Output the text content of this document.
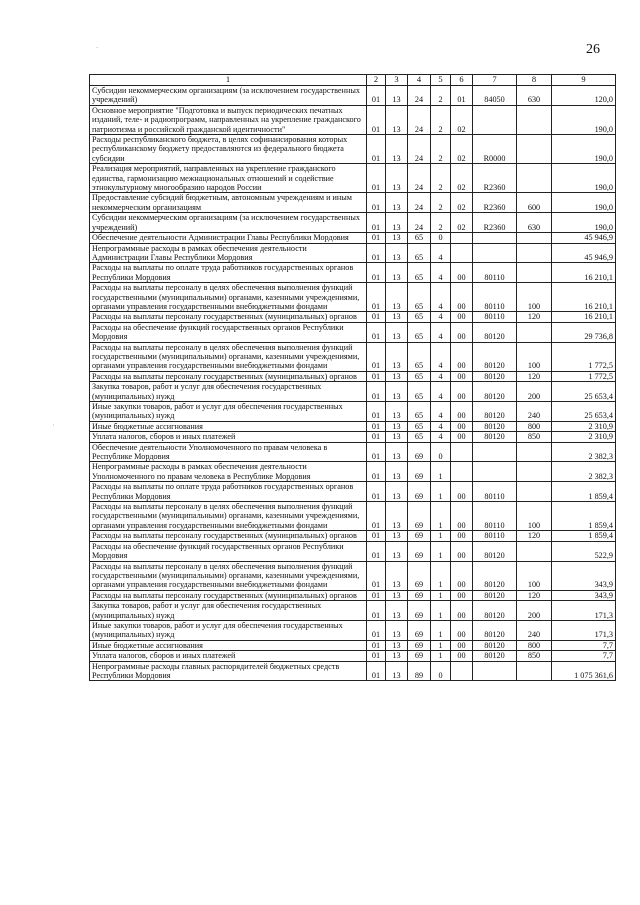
26
.
·
1	2	3	4	5	6	7	8	9
Субсидии некоммерческим организациям (за исключением государственных учреждений)	01	13	24	2	01	84050	630	120,0
Основное мероприятие "Подготовка и выпуск периодических печатных изданий, теле- и радиопрограмм, направленных на укрепление гражданского патриотизма и российской гражданской идентичности"	01	13	24	2	02			190,0
Расходы республиканского бюджета, в целях софинансирования которых республиканскому бюджету предоставляются из федерального бюджета субсидии	01	13	24	2	02	R0000		190,0
Реализация мероприятий, направленных на укрепление гражданского единства, гармонизацию межнациональных отношений и содействие этнокультурному многообразию народов России	01	13	24	2	02	R2360		190,0
Предоставление субсидий бюджетным, автономным учреждениям и иным некоммерческим организациям	01	13	24	2	02	R2360	600	190,0
Субсидии некоммерческим организациям (за исключением государственных учреждений)	01	13	24	2	02	R2360	630	190,0
Обеспечение деятельности Администрации Главы Республики Мордовия	01	13	65	0				45 946,9
Непрограммные расходы в рамках обеспечения деятельности Администрации Главы Республики Мордовия	01	13	65	4				45 946,9
Расходы на выплаты по оплате труда работников государственных органов Республики Мордовия	01	13	65	4	00	80110		16 210,1
Расходы на выплаты персоналу в целях обеспечения выполнения функций государственными (муниципальными) органами, казенными учреждениями, органами управления государственными внебюджетными фондами	01	13	65	4	00	80110	100	16 210,1
Расходы на выплаты персоналу государственных (муниципальных) органов	01	13	65	4	00	80110	120	16 210,1
Расходы на обеспечение функций государственных органов Республики Мордовия	01	13	65	4	00	80120		29 736,8
Расходы на выплаты персоналу в целях обеспечения выполнения функций государственными (муниципальными) органами, казенными учреждениями, органами управления государственными внебюджетными фондами	01	13	65	4	00	80120	100	1 772,5
Расходы на выплаты персоналу государственных (муниципальных) органов	01	13	65	4	00	80120	120	1 772,5
Закупка товаров, работ и услуг для обеспечения государственных (муниципальных) нужд	01	13	65	4	00	80120	200	25 653,4
Иные закупки товаров, работ и услуг для обеспечения государственных (муниципальных) нужд	01	13	65	4	00	80120	240	25 653,4
Иные бюджетные ассигнования	01	13	65	4	00	80120	800	2 310,9
Уплата налогов, сборов и иных платежей	01	13	65	4	00	80120	850	2 310,9
Обеспечение деятельности Уполномоченного по правам человека в Республике Мордовия	01	13	69	0				2 382,3
Непрограммные расходы в рамках обеспечения деятельности Уполномоченного по правам человека в Республике Мордовия	01	13	69	1				2 382,3
Расходы на выплаты по оплате труда работников государственных органов Республики Мордовия	01	13	69	1	00	80110		1 859,4
Расходы на выплаты персоналу в целях обеспечения выполнения функций государственными (муниципальными) органами, казенными учреждениями, органами управления государственными внебюджетными фондами	01	13	69	1	00	80110	100	1 859,4
Расходы на выплаты персоналу государственных (муниципальных) органов	01	13	69	1	00	80110	120	1 859,4
Расходы на обеспечение функций государственных органов Республики Мордовия	01	13	69	1	00	80120		522,9
Расходы на выплаты персоналу в целях обеспечения выполнения функций государственными (муниципальными) органами, казенными учреждениями, органами управления государственными внебюджетными фондами	01	13	69	1	00	80120	100	343,9
Расходы на выплаты персоналу государственных (муниципальных) органов	01	13	69	1	00	80120	120	343,9
Закупка товаров, работ и услуг для обеспечения государственных (муниципальных) нужд	01	13	69	1	00	80120	200	171,3
Иные закупки товаров, работ и услуг для обеспечения государственных (муниципальных) нужд	01	13	69	1	00	80120	240	171,3
Иные бюджетные ассигнования	01	13	69	1	00	80120	800	7,7
Уплата налогов, сборов и иных платежей	01	13	69	1	00	80120	850	7,7
Непрограммные расходы главных распорядителей бюджетных средств Республики Мордовия	01	13	89	0				1 075 361,6
